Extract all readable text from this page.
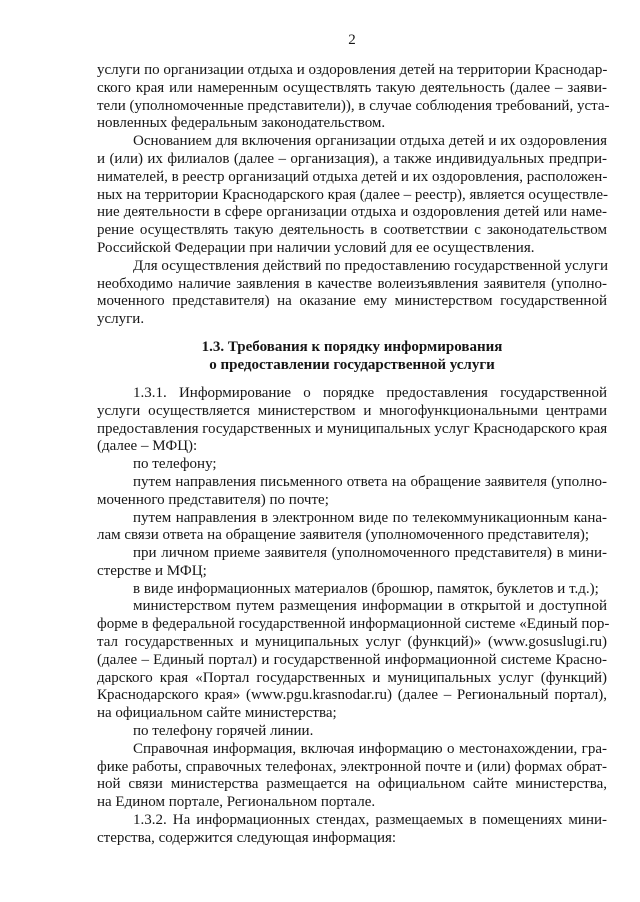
2
услуги по организации отдыха и оздоровления детей на территории Краснодар-
ского края или намеренным осуществлять такую деятельность (далее – заяви-
тели (уполномоченные представители)), в случае соблюдения требований, уста-
новленных федеральным законодательством.
Основанием для включения организации отдыха детей и их оздоровления
и (или) их филиалов (далее – организация), а также индивидуальных предпри-
нимателей, в реестр организаций отдыха детей и их оздоровления, расположен-
ных на территории Краснодарского края (далее – реестр), является осуществле-
ние деятельности в сфере организации отдыха и оздоровления детей или наме-
рение осуществлять такую деятельность в соответствии с законодательством
Российской Федерации при наличии условий для ее осуществления.
Для осуществления действий по предоставлению государственной услуги
необходимо наличие заявления в качестве волеизъявления заявителя (уполно-
моченного представителя) на оказание ему министерством государственной
услуги.
1.3. Требования к порядку информирования
о предоставлении государственной услуги
1.3.1. Информирование о порядке предоставления государственной
услуги осуществляется министерством и многофункциональными центрами
предоставления государственных и муниципальных услуг Краснодарского края
(далее – МФЦ):
по телефону;
путем направления письменного ответа на обращение заявителя (уполно-
моченного представителя) по почте;
путем направления в электронном виде по телекоммуникационным кана-
лам связи ответа на обращение заявителя (уполномоченного представителя);
при личном приеме заявителя (уполномоченного представителя) в мини-
стерстве и МФЦ;
в виде информационных материалов (брошюр, памяток, буклетов и т.д.);
министерством путем размещения информации в открытой и доступной
форме в федеральной государственной информационной системе «Единый пор-
тал государственных и муниципальных услуг (функций)» (www.gosuslugi.ru)
(далее – Единый портал) и государственной информационной системе Красно-
дарского края «Портал государственных и муниципальных услуг (функций)
Краснодарского края» (www.pgu.krasnodar.ru) (далее – Региональный портал),
на официальном сайте министерства;
по телефону горячей линии.
Справочная информация, включая информацию о местонахождении, гра-
фике работы, справочных телефонах, электронной почте и (или) формах обрат-
ной связи министерства размещается на официальном сайте министерства,
на Едином портале, Региональном портале.
1.3.2. На информационных стендах, размещаемых в помещениях мини-
стерства, содержится следующая информация:
